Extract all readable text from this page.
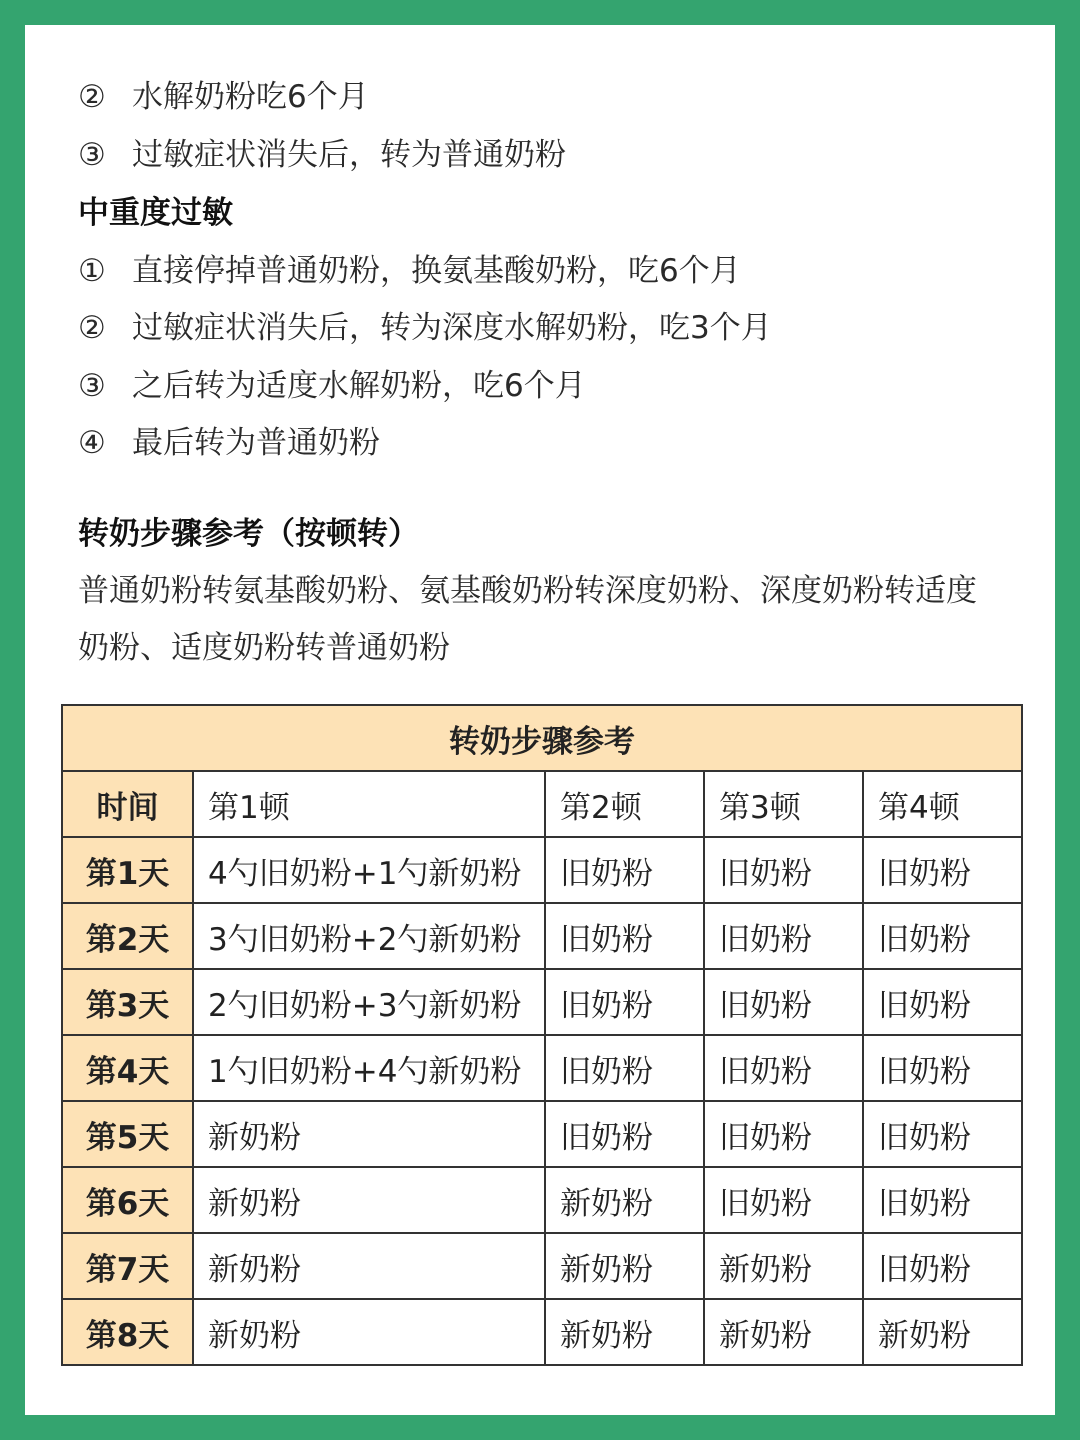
② 水解奶粉吃6个月
③ 过敏症状消失后，转为普通奶粉
中重度过敏
① 直接停掉普通奶粉，换氨基酸奶粉，吃6个月
② 过敏症状消失后，转为深度水解奶粉，吃3个月
③ 之后转为适度水解奶粉，吃6个月
④ 最后转为普通奶粉
转奶步骤参考（按顿转）
普通奶粉转氨基酸奶粉、氨基酸奶粉转深度奶粉、深度奶粉转适度
奶粉、适度奶粉转普通奶粉
转奶步骤参考				
时间	第1顿	第2顿	第3顿	第4顿
第1天	4勺旧奶粉+1勺新奶粉	旧奶粉	旧奶粉	旧奶粉
第2天	3勺旧奶粉+2勺新奶粉	旧奶粉	旧奶粉	旧奶粉
第3天	2勺旧奶粉+3勺新奶粉	旧奶粉	旧奶粉	旧奶粉
第4天	1勺旧奶粉+4勺新奶粉	旧奶粉	旧奶粉	旧奶粉
第5天	新奶粉	旧奶粉	旧奶粉	旧奶粉
第6天	新奶粉	新奶粉	旧奶粉	旧奶粉
第7天	新奶粉	新奶粉	新奶粉	旧奶粉
第8天	新奶粉	新奶粉	新奶粉	新奶粉
